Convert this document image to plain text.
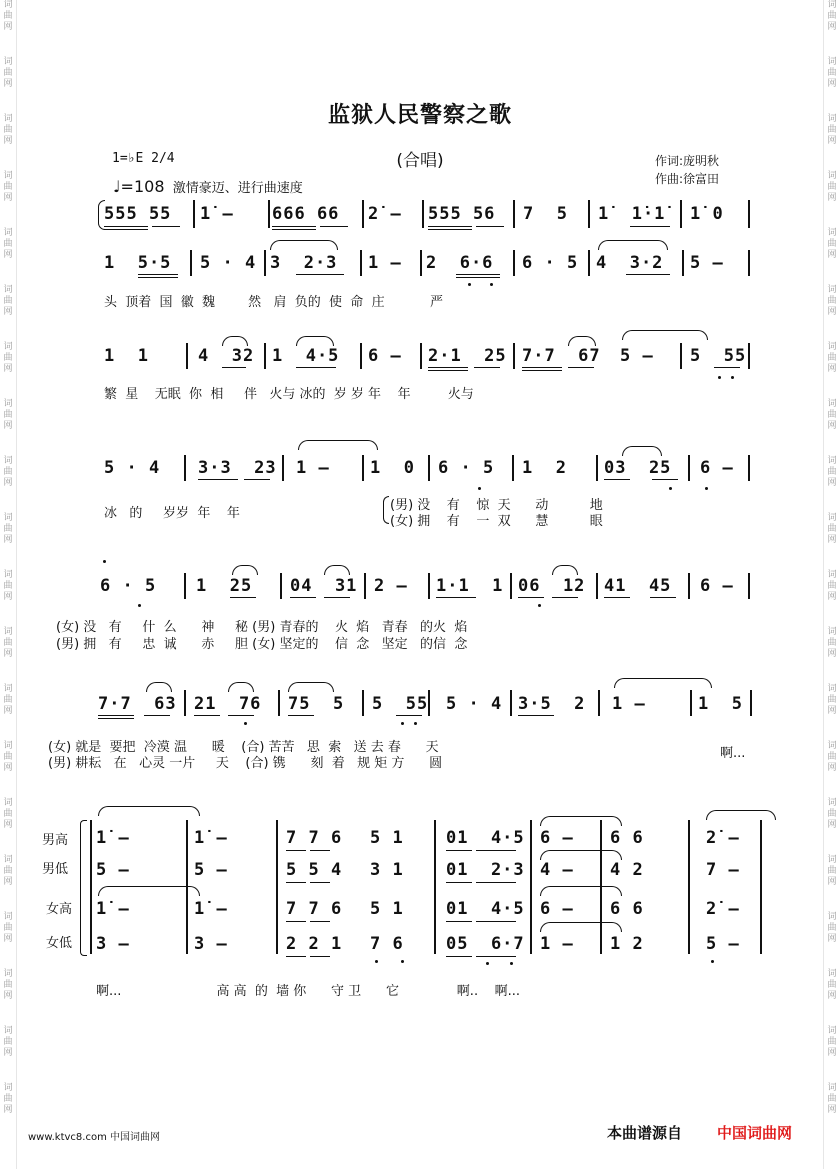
词
曲
网
词
曲
网
词
曲
网
词
曲
网
词
曲
网
词
曲
网
词
曲
网
词
曲
网
词
曲
网
词
曲
网
词
曲
网
词
曲
网
词
曲
网
词
曲
网
词
曲
网
词
曲
网
词
曲
网
词
曲
网
词
曲
网
词
曲
网
词
曲
网
词
曲
网
词
曲
网
词
曲
网
词
曲
网
词
曲
网
词
曲
网
词
曲
网
词
曲
网
词
曲
网
词
曲
网
词
曲
网
词
曲
网
词
曲
网
词
曲
网
词
曲
网
词
曲
网
词
曲
网
词
曲
网
词
曲
网
监狱人民警察之歌
(合唱)
1=♭E 2/4
♩=108 激情豪迈、进行曲速度
作词:庞明秋
作曲:徐富田
555 55 1̇ – 666 66 2̇ – 555 56 7  5 1̇  1̇·1̇ 1̇ 0
1  5·5 5 · 4 3  2·3 1 – 2  6·6 6 · 5 4  3·2 5 –
头  顶着  国  徽  魏        然   肩  负的  使  命  庄           严
1  1	4  32 1  4·5 6 – 2·1  25 7·7  67 5 – 5  55
繁  星    无眠  你  相     伴   火与 冰的  岁 岁 年    年         火与
5 · 4 3·3  23 1 – 1  0 6 · 5 1  2 03  25 6 –
冰   的     岁岁  年    年
(男) 没    有    惊  天      动          地
(女) 拥    有    一  双      慧          眼
6 · 5 1  25 04  31 2 – 1·1  1 06  12 41  45 6 –
(女) 没   有     什  么      神     秘 (男) 青春的    火  焰   青春   的火  焰
(男) 拥   有     忠  诚      赤     胆 (女) 坚定的    信  念   坚定   的信  念
7·7  63 21  76 75  5 5  55 5 · 4 3·5  2 1 –	1  5
(女) 就是  要把  冷漠 温      暖    (合) 苦苦   思  索   送 去 春      天
(男) 耕耘   在   心灵 一片     天    (合) 镌      刻  着   规 矩 方      圆
啊...
男高
男低
女高
女低
1̇ –	1̇ –	7 7 6 5 1 01  4·5 6 – 6 6	2̇ –
5 –	5 –	5 5 4 3 1 01  2·3 4 – 4 2	7 –
1̇ –	1̇ –	7 7 6 5 1 01  4·5 6 – 6 6	2̇ –
3 –	3 –	2 2 1 7 6 05  6·7 1 – 1 2	5 –
啊...                       高 高  的  墙 你      守 卫      它              啊..    啊...
www.ktvc8.com 中国词曲网	本曲谱源自 中国词曲网
